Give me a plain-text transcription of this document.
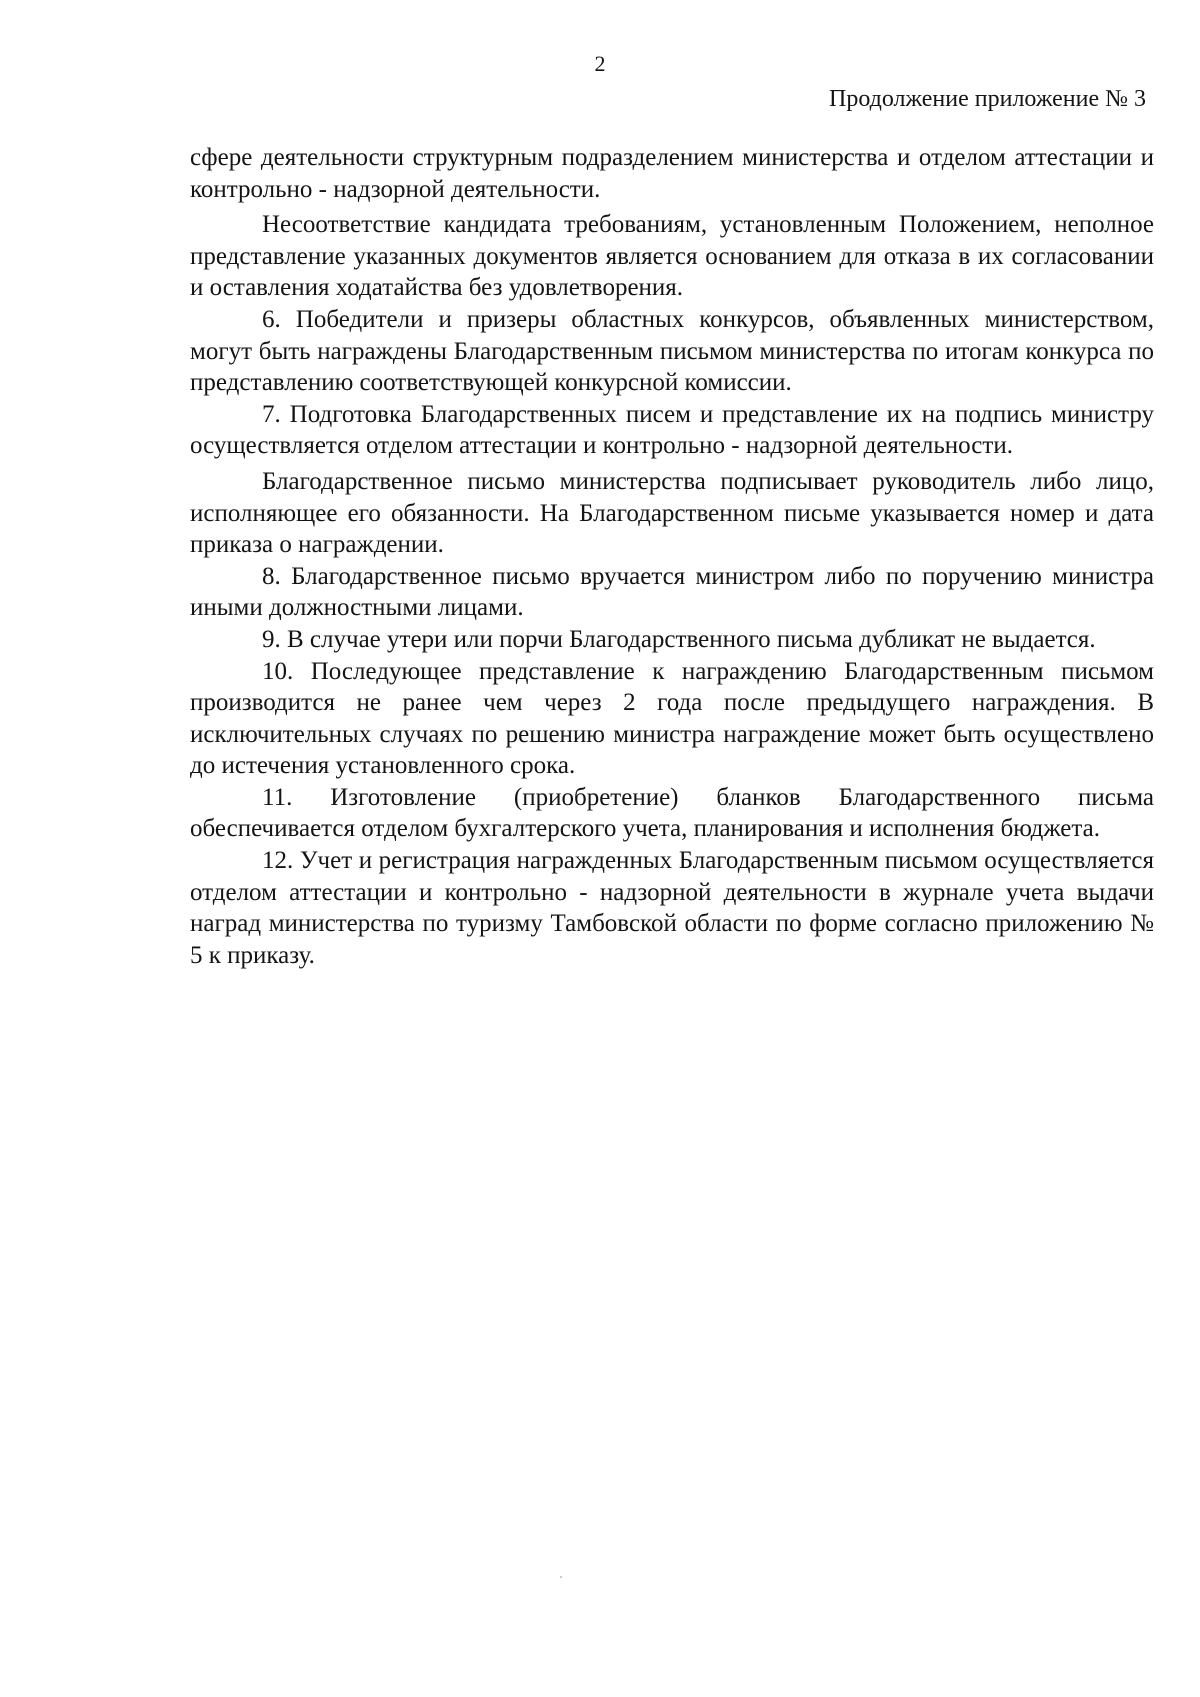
2
Продолжение приложение № 3

сфере деятельности структурным подразделением министерства и отделом аттестации и контрольно - надзорной деятельности.

Несоответствие кандидата требованиям, установленным Положением, неполное представление указанных документов является основанием для отказа в их согласовании и оставления ходатайства без удовлетворения.

6. Победители и призеры областных конкурсов, объявленных министерством, могут быть награждены Благодарственным письмом министерства по итогам конкурса по представлению соответствующей конкурсной комиссии.

7. Подготовка Благодарственных писем и представление их на подпись министру осуществляется отделом аттестации и контрольно - надзорной деятельности.

Благодарственное письмо министерства подписывает руководитель либо лицо, исполняющее его обязанности. На Благодарственном письме указывается номер и дата приказа о награждении.

8. Благодарственное письмо вручается министром либо по поручению министра иными должностными лицами.

9. В случае утери или порчи Благодарственного письма дубликат не выдается.

10. Последующее представление к награждению Благодарственным письмом производится не ранее чем через 2 года после предыдущего награждения. В исключительных случаях по решению министра награждение может быть осуществлено до истечения установленного срока.

11. Изготовление (приобретение) бланков Благодарственного письма обеспечивается отделом бухгалтерского учета, планирования и исполнения бюджета.

12. Учет и регистрация награжденных Благодарственным письмом осуществляется отделом аттестации и контрольно - надзорной деятельности в журнале учета выдачи наград министерства по туризму Тамбовской области по форме согласно приложению № 5 к приказу.
